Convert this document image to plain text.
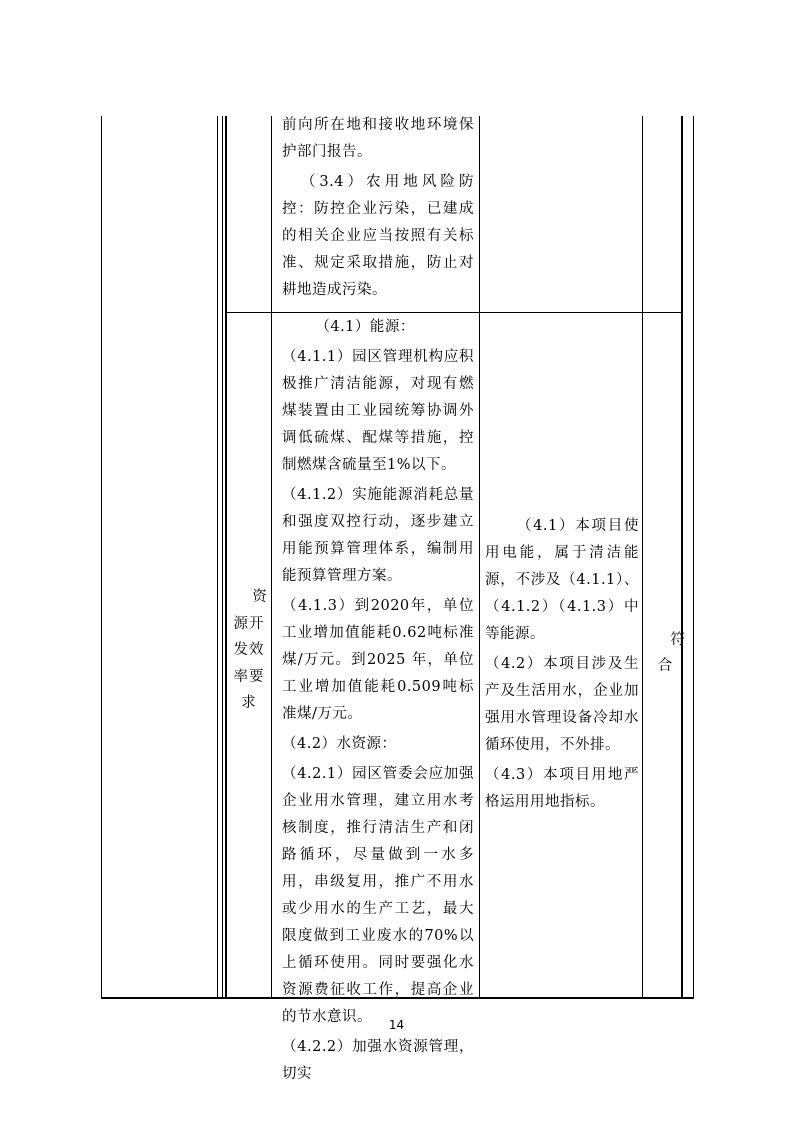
前向所在地和接收地环境保护部门报告。

（3.4）农用地风险防控：防控企业污染，已建成的相关企业应当按照有关标准、规定采取措施，防止对耕地造成污染。

资
源开
发效
率要
求

（4.1）能源：

（4.1.1）园区管理机构应积极推广清洁能源，对现有燃煤装置由工业园统筹协调外调低硫煤、配煤等措施，控制燃煤含硫量至1%以下。

（4.1.2）实施能源消耗总量和强度双控行动，逐步建立用能预算管理体系，编制用能预算管理方案。

（4.1.3）到2020年，单位工业增加值能耗0.62吨标准煤/万元。到2025 年，单位工业增加值能耗0.509吨标准煤/万元。

（4.2）水资源：

（4.2.1）园区管委会应加强企业用水管理，建立用水考核制度，推行清洁生产和闭路循环，尽量做到一水多用，串级复用，推广不用水或少用水的生产工艺，最大限度做到工业废水的70%以上循环使用。同时要强化水资源费征收工作，提高企业的节水意识。

（4.2.2）加强水资源管理，切实

（4.1）本项目使用电能，属于清洁能源，不涉及（4.1.1）、（4.1.2）（4.1.3）中等能源。

（4.2）本项目涉及生产及生活用水，企业加强用水管理设备冷却水循环使用，不外排。

（4.3）本项目用地严格运用用地指标。

符
合
14
